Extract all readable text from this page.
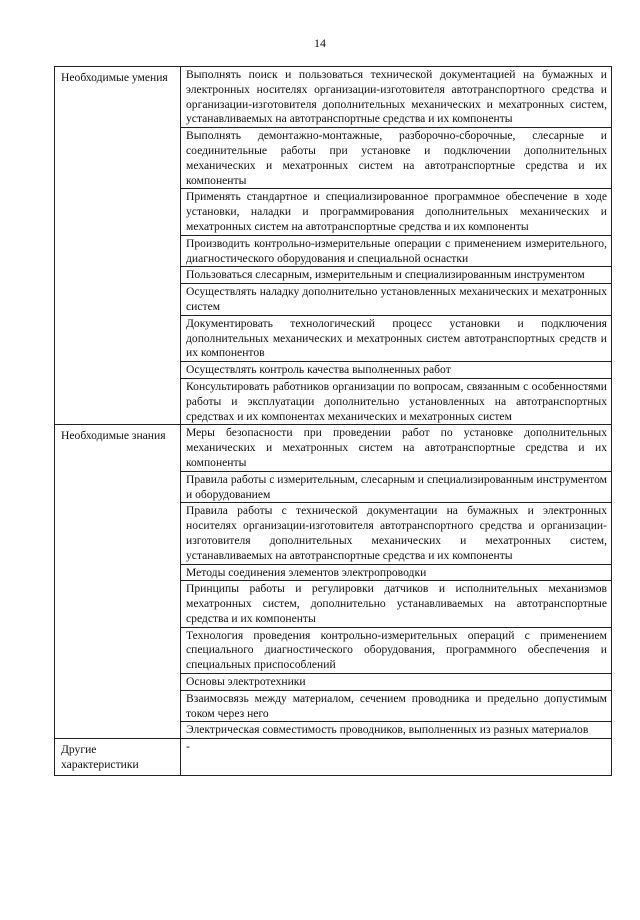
14
Необходимые умения	Выполнять поиск и пользоваться технической документацией на бумажных и электронных носителях организации-изготовителя автотранспортного средства и организации-изготовителя дополнительных механических и мехатронных систем, устанавливаемых на автотранспортные средства и их компоненты
	Выполнять демонтажно-монтажные, разборочно-сборочные, слесарные и соединительные работы при установке и подключении дополнительных механических и мехатронных систем на автотранспортные средства и их компоненты
	Применять стандартное и специализированное программное обеспечение в ходе установки, наладки и программирования дополнительных механических и мехатронных систем на автотранспортные средства и их компоненты
	Производить контрольно-измерительные операции с применением измерительного, диагностического оборудования и специальной оснастки
	Пользоваться слесарным, измерительным и специализированным инструментом
	Осуществлять наладку дополнительно установленных механических и мехатронных систем
	Документировать технологический процесс установки и подключения дополнительных механических и мехатронных систем автотранспортных средств и их компонентов
	Осуществлять контроль качества выполненных работ
	Консультировать работников организации по вопросам, связанным с особенностями работы и эксплуатации дополнительно установленных на автотранспортных средствах и их компонентах механических и мехатронных систем
Необходимые знания	Меры безопасности при проведении работ по установке дополнительных механических и мехатронных систем на автотранспортные средства и их компоненты
	Правила работы с измерительным, слесарным и специализированным инструментом и оборудованием
	Правила работы с технической документации на бумажных и электронных носителях организации-изготовителя автотранспортного средства и организации-изготовителя дополнительных механических и мехатронных систем, устанавливаемых на автотранспортные средства и их компоненты
	Методы соединения элементов электропроводки
	Принципы работы и регулировки датчиков и исполнительных механизмов мехатронных систем, дополнительно устанавливаемых на автотранспортные средства и их компоненты
	Технология проведения контрольно-измерительных операций с применением специального диагностического оборудования, программного обеспечения и специальных приспособлений
	Основы электротехники
	Взаимосвязь между материалом, сечением проводника и предельно допустимым током через него
	Электрическая совместимость проводников, выполненных из разных материалов
Другие характеристики	-
